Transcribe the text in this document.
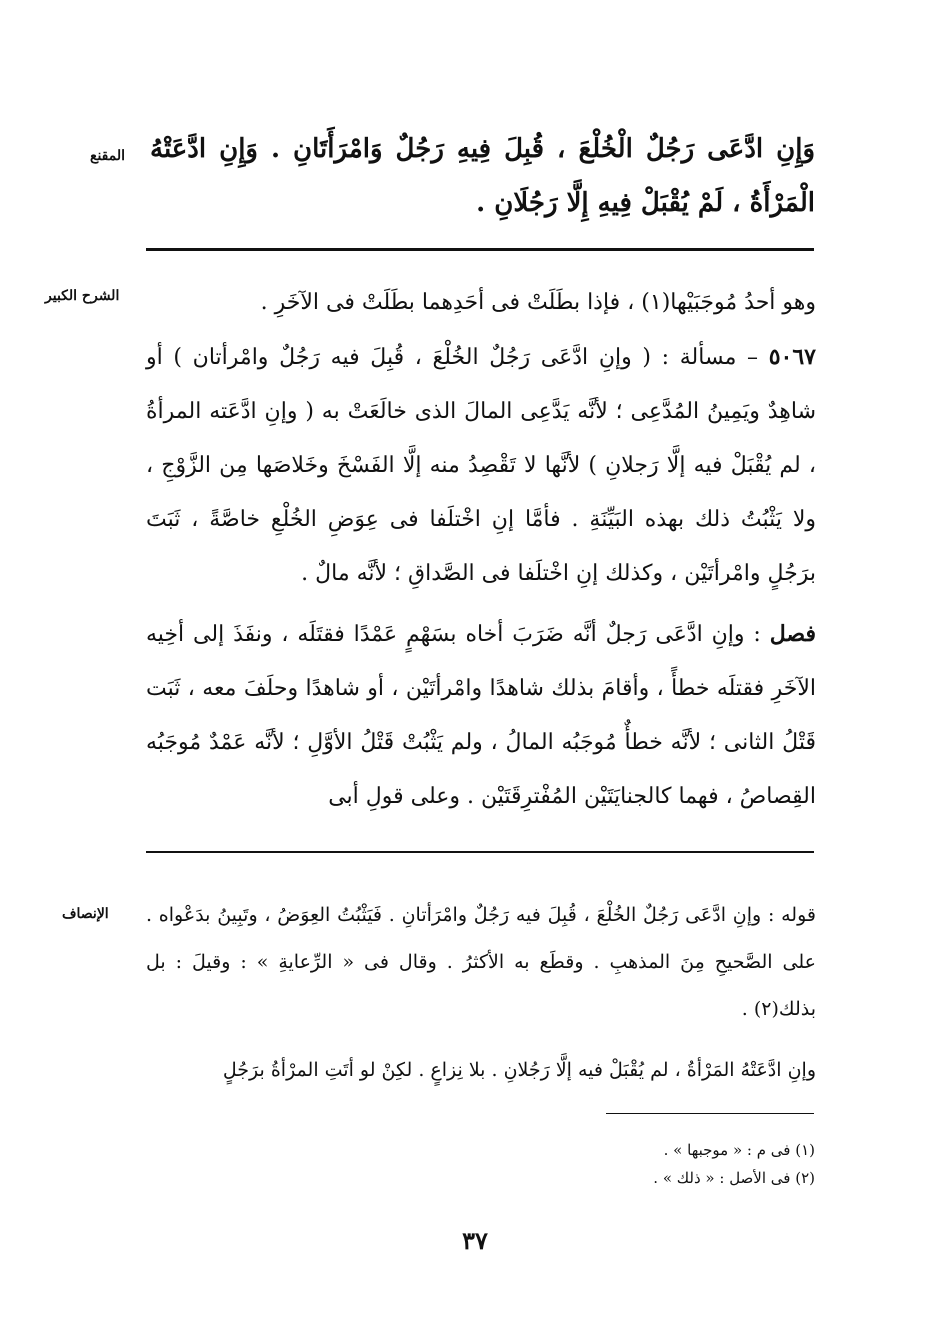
المقنع وَإِنِ ادَّعَى رَجُلٌ الْخُلْعَ ، قُبِلَ فِيهِ رَجُلٌ وَامْرَأَتَانِ . وَإِنِ ادَّعَتْهُ الْمَرْأَةُ ، لَمْ يُقْبَلْ فِيهِ إِلَّا رَجُلَانِ .
الشرح الكبير	وهو أحدُ مُوجَبَيْها(١) ، فإذا بطَلَتْ فى أحَدِهما بطَلَتْ فى الآخَرِ .

٥٠٦٧ – مسألة : ( وإنِ ادَّعَى رَجُلٌ الخُلْعَ ، قُبِلَ فيه رَجُلٌ وامْرأتان ) أو شاهِدٌ ويَمِينُ المُدَّعِى ؛ لأنَّه يَدَّعِى المالَ الذى خالَعَتْ به ( وإنِ ادَّعَته المرأةُ ، لم يُقْبَلْ فيه إلَّا رَجلانِ ) لأنَّها لا تَقْصِدُ منه إلَّا الفَسْخَ وخَلاصَها مِن الزَّوْجِ ، ولا يَثْبُتُ ذلك بهذه البَيِّنَةِ . فأمَّا إنِ اخْتلَفا فى عِوَضِ الخُلْعِ خاصَّةً ، ثَبَتَ برَجُلٍ وامْرأتَيْن ، وكذلك إنِ اخْتلَفا فى الصَّداقِ ؛ لأنَّه مالٌ .

فصل : وإنِ ادَّعَى رَجلٌ أنَّه ضَرَبَ أخاه بسَهْمٍ عَمْدًا فقتَلَه ، ونفَذَ إلى أخِيه الآخَرِ فقتلَه خطأً ، وأقامَ بذلك شاهدًا وامْرأتَيْن ، أو شاهدًا وحلَفَ معه ، ثَبَت قَتْلُ الثانى ؛ لأنَّه خطأٌ مُوجَبُه المالُ ، ولم يَثْبُتْ قَتْلُ الأوَّلِ ؛ لأنَّه عَمْدٌ مُوجَبُه القِصاصُ ، فهما كالجنايَتَيْن المُفْترِقَتَيْن . وعلى قولِ أبى

الإنصاف	قوله : وإنِ ادَّعَى رَجُلٌ الخُلْعَ ، قُبِلَ فيه رَجُلٌ وامْرَأتانِ . فَيَثْبُتُ العِوَضُ ، وتَبِينُ بدَعْواه . على الصَّحيحِ مِنَ المذهبِ . وقطَع به الأكثرُ . وقال فى « الرِّعايةِ » : وقيلَ : بل بذلك(٢) .

وإنِ ادَّعَتْهُ المَرْأةُ ، لم يُقْبَلْ فيه إلَّا رَجُلانِ . بلا نِزاعٍ . لكِنْ لو أتَتِ المرْأةُ برَجُلٍ

(١) فى م : « موجبها » .
(٢) فى الأصل : « ذلك » .
٣٧
